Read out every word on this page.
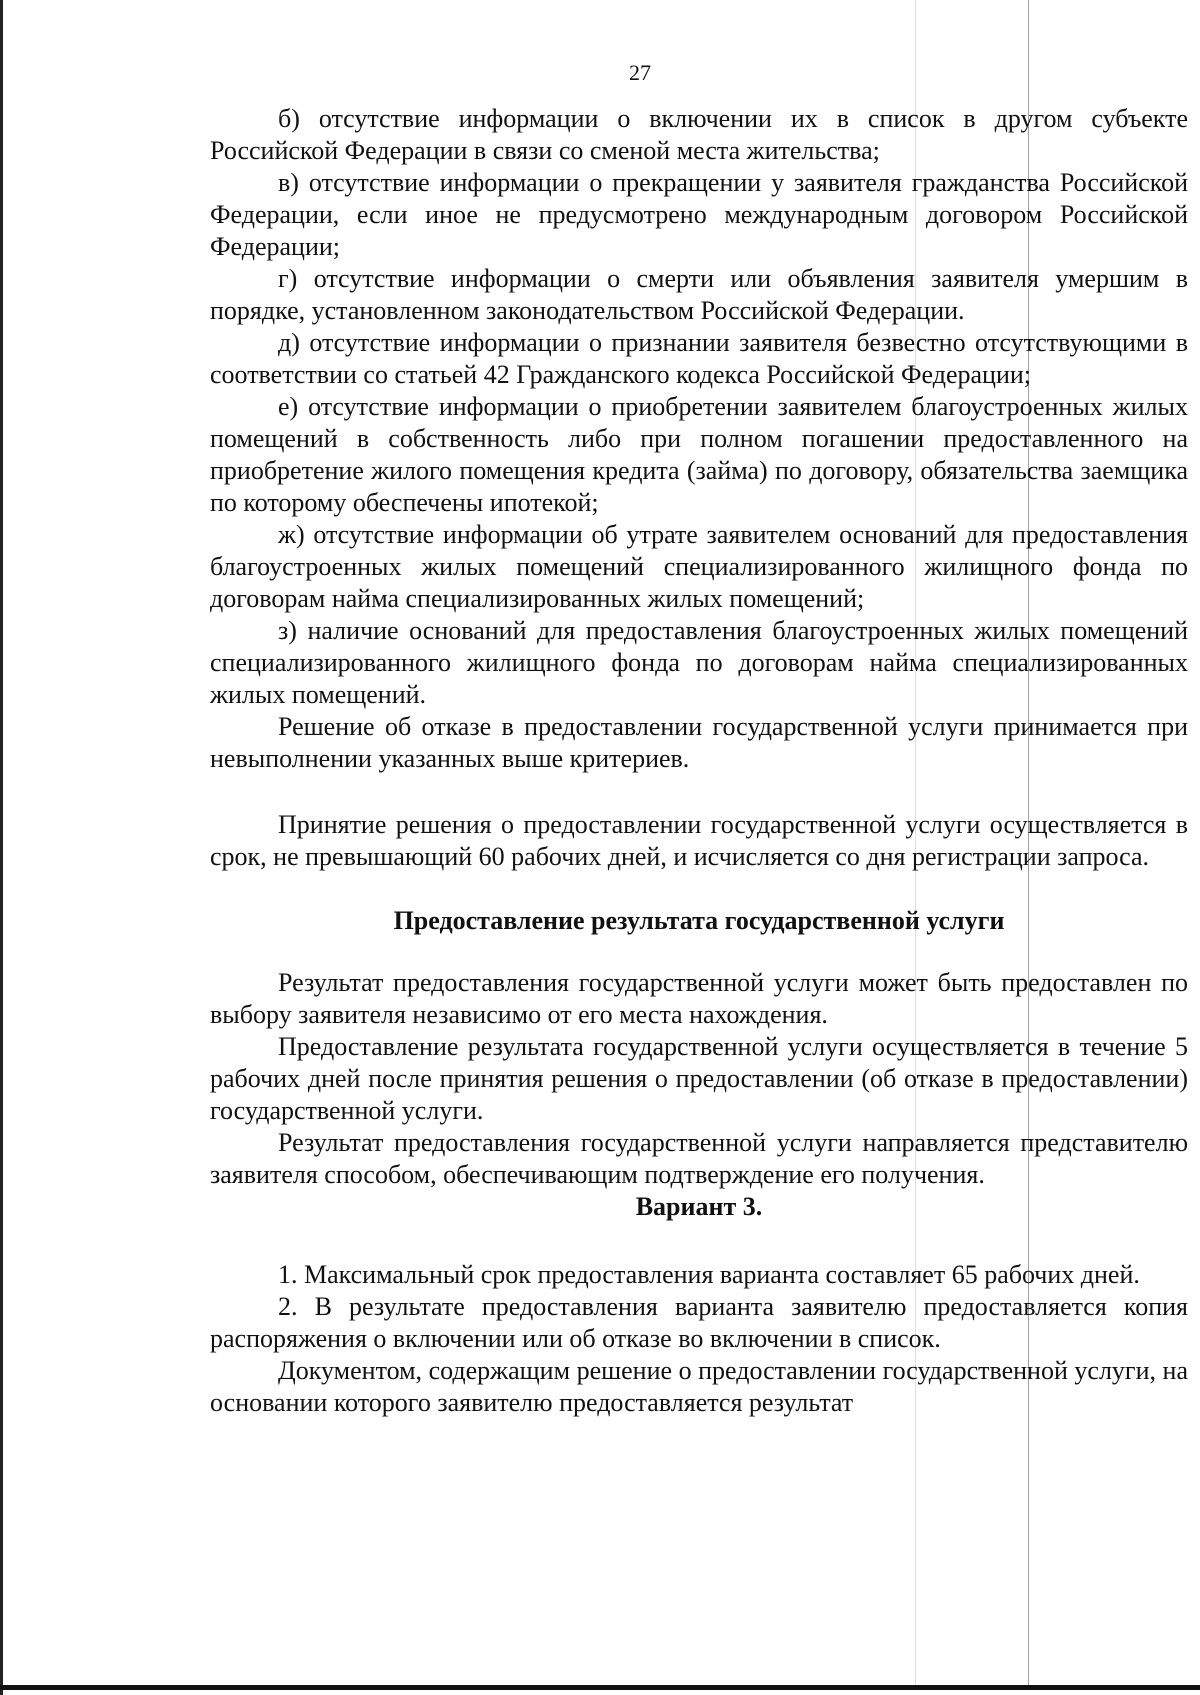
27

б) отсутствие информации о включении их в список в другом субъекте Российской Федерации в связи со сменой места жительства;

в) отсутствие информации о прекращении у заявителя гражданства Российской Федерации, если иное не предусмотрено международным договором Российской Федерации;

г) отсутствие информации о смерти или объявления заявителя умершим в порядке, установленном законодательством Российской Федерации.

д) отсутствие информации о признании заявителя безвестно отсутствующими в соответствии со статьей 42 Гражданского кодекса Российской Федерации;

е) отсутствие информации о приобретении заявителем благоустроенных жилых помещений в собственность либо при полном погашении предоставленного на приобретение жилого помещения кредита (займа) по договору, обязательства заемщика по которому обеспечены ипотекой;

ж) отсутствие информации об утрате заявителем оснований для предоставления благоустроенных жилых помещений специализированного жилищного фонда по договорам найма специализированных жилых помещений;

з) наличие оснований для предоставления благоустроенных жилых помещений специализированного жилищного фонда по договорам найма специализированных жилых помещений.

Решение об отказе в предоставлении государственной услуги принимается при невыполнении указанных выше критериев.

Принятие решения о предоставлении государственной услуги осуществляется в срок, не превышающий 60 рабочих дней, и исчисляется со дня регистрации запроса.

Предоставление результата государственной услуги

Результат предоставления государственной услуги может быть предоставлен по выбору заявителя независимо от его места нахождения.

Предоставление результата государственной услуги осуществляется в течение 5 рабочих дней после принятия решения о предоставлении (об отказе в предоставлении) государственной услуги.

Результат предоставления государственной услуги направляется представителю заявителя способом, обеспечивающим подтверждение его получения.

Вариант 3.

1. Максимальный срок предоставления варианта составляет 65 рабочих дней.

2. В результате предоставления варианта заявителю предоставляется копия распоряжения о включении или об отказе во включении в список.

Документом, содержащим решение о предоставлении государственной услуги, на основании которого заявителю предоставляется результат
